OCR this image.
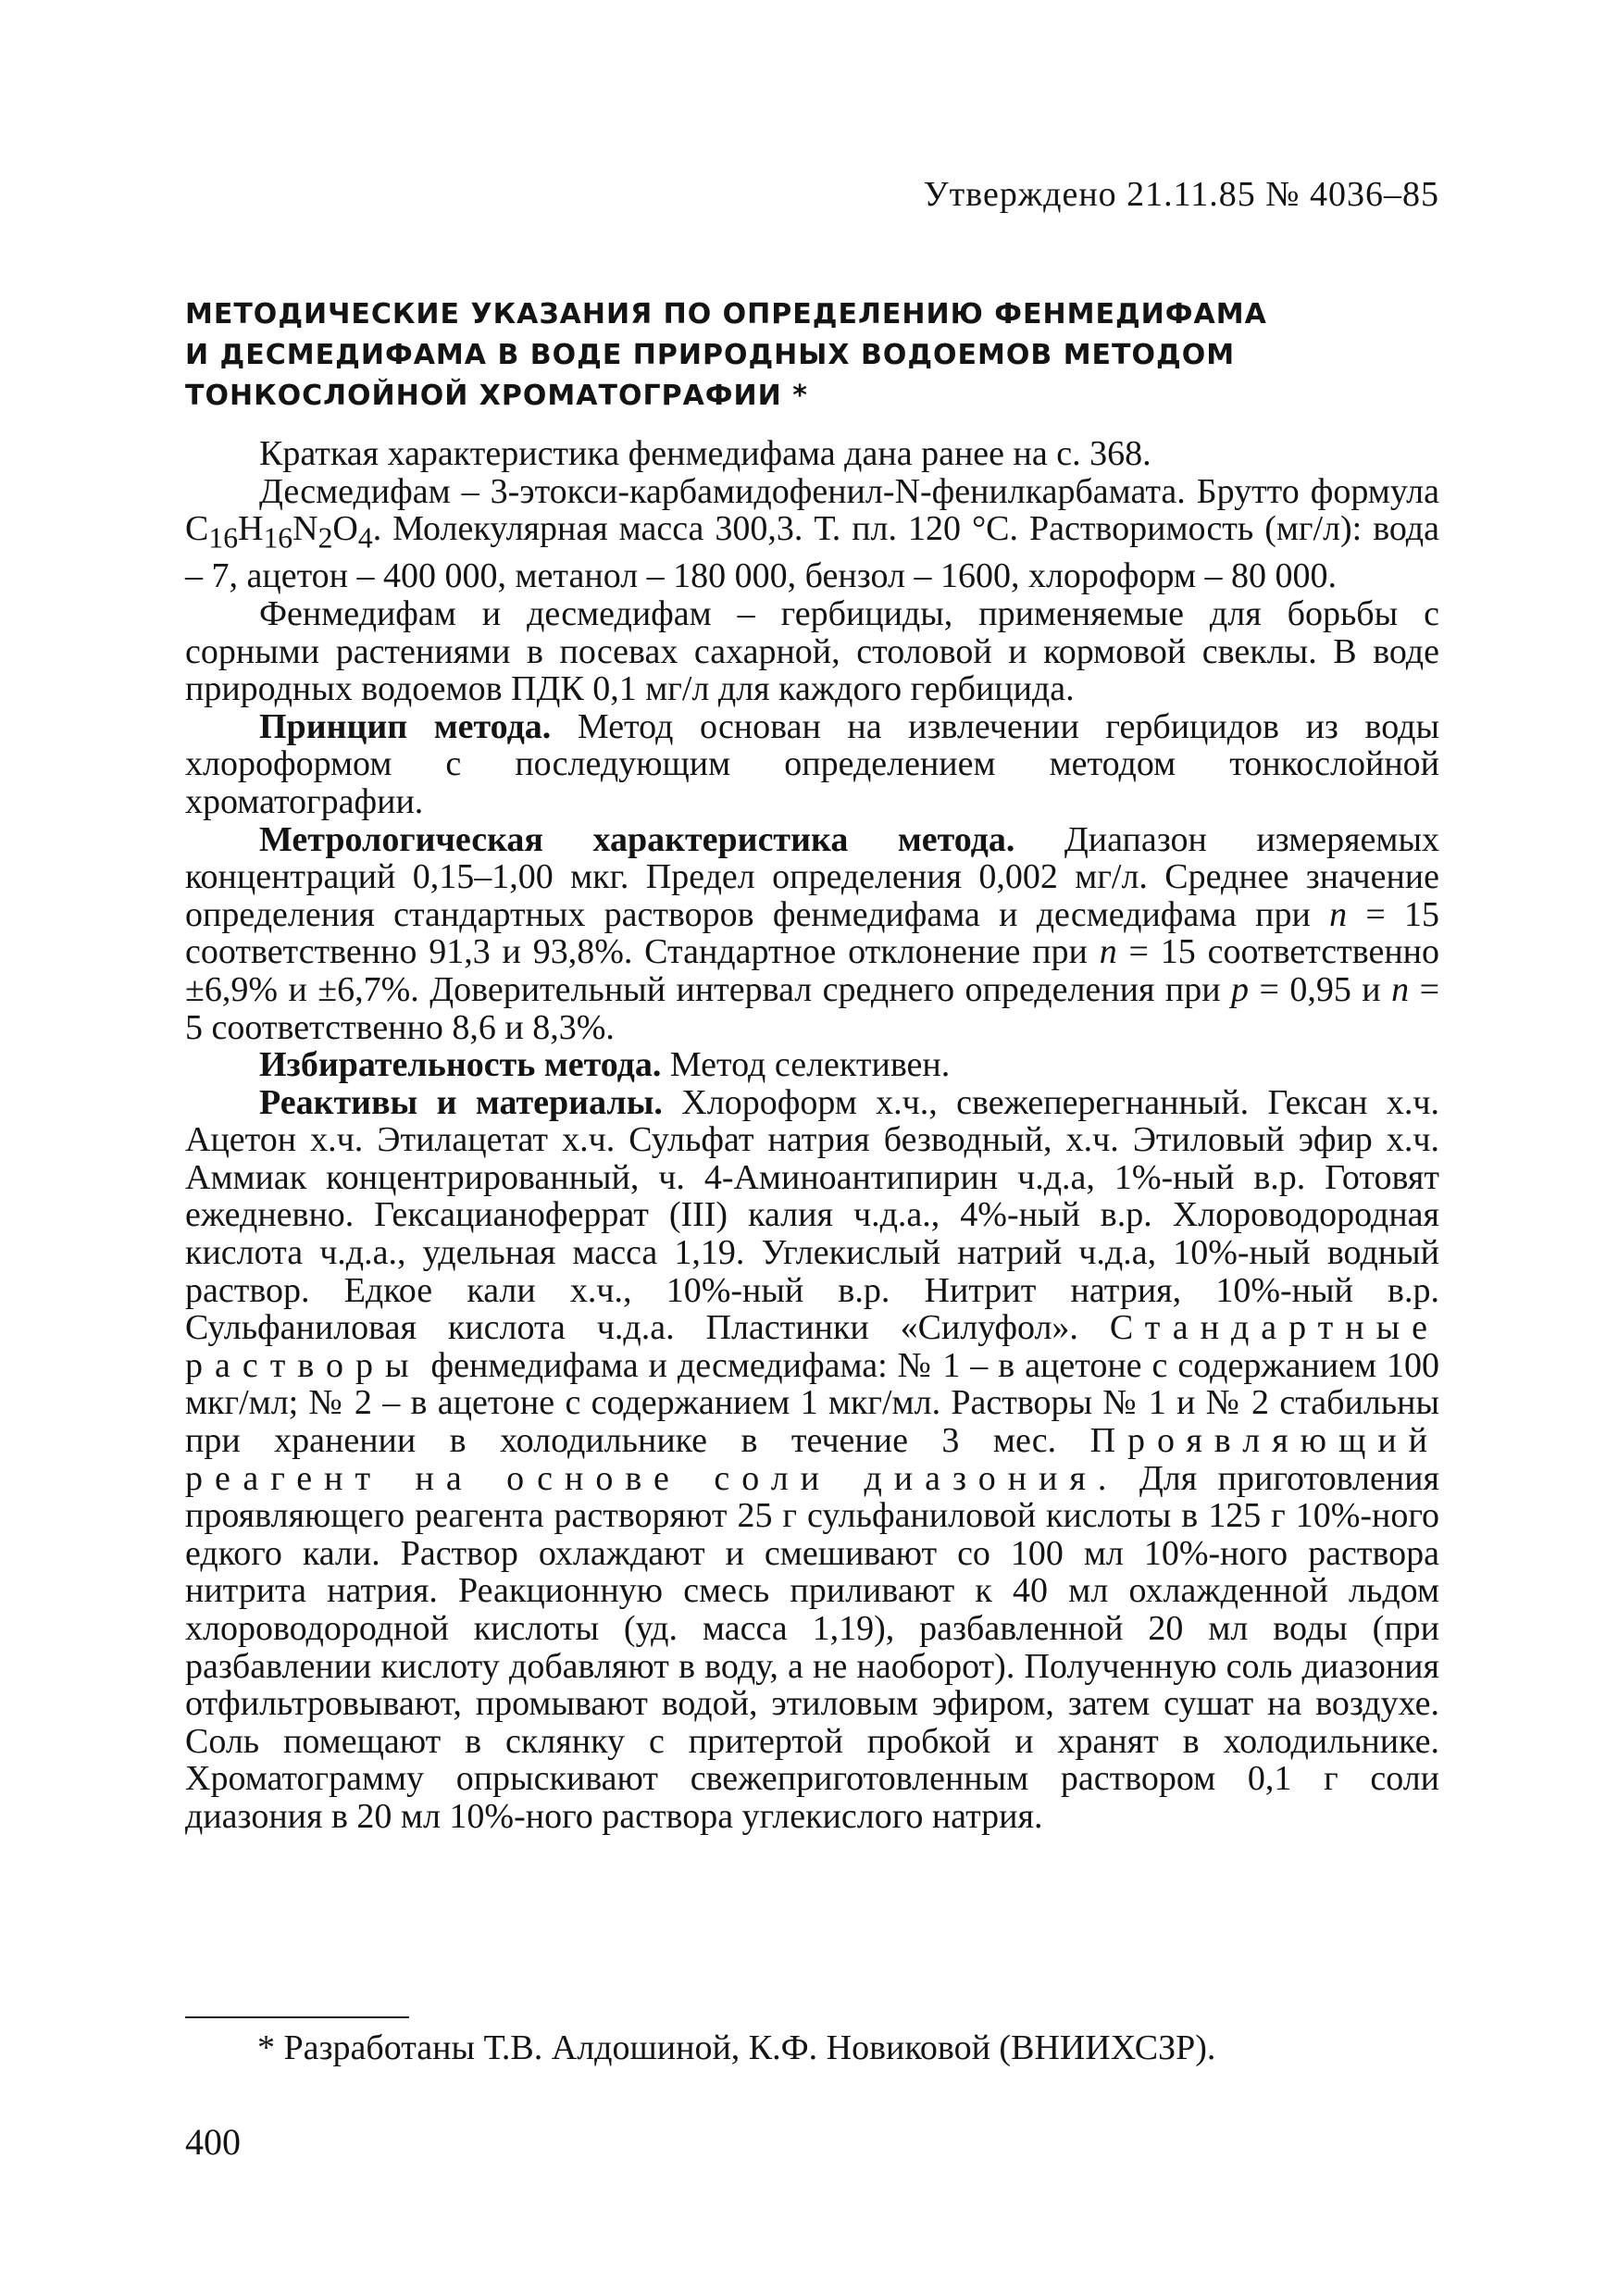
Утверждено 21.11.85 № 4036–85
МЕТОДИЧЕСКИЕ УКАЗАНИЯ ПО ОПРЕДЕЛЕНИЮ ФЕНМЕДИФАМА
И ДЕСМЕДИФАМА В ВОДЕ ПРИРОДНЫХ ВОДОЕМОВ МЕТОДОМ
ТОНКОСЛОЙНОЙ ХРОМАТОГРАФИИ *

Краткая характеристика фенмедифама дана ранее на с. 368.

Десмедифам – 3-этокси-карбамидофенил-N-фенилкарбамата. Брутто формула $C_{16}H_{16}N_2O_4$. Молекулярная масса 300,3. Т. пл. 120 °С. Растворимость (мг/л): вода – 7, ацетон – 400 000, метанол – 180 000, бензол – 1600, хлороформ – 80 000.

Фенмедифам и десмедифам – гербициды, применяемые для борьбы с сорными растениями в посевах сахарной, столовой и кормовой свеклы. В воде природных водоемов ПДК 0,1 мг/л для каждого гербицида.

Принцип метода. Метод основан на извлечении гербицидов из воды хлороформом с последующим определением методом тонкослойной хроматографии.

Метрологическая характеристика метода. Диапазон измеряемых концентраций 0,15–1,00 мкг. Предел определения 0,002 мг/л. Среднее значение определения стандартных растворов фенмедифама и десмедифама при n = 15 соответственно 91,3 и 93,8%. Стандартное отклонение при n = 15 соответственно ±6,9% и ±6,7%. Доверительный интервал среднего определения при p = 0,95 и n = 5 соответственно 8,6 и 8,3%.

Избирательность метода. Метод селективен.

Реактивы и материалы. Хлороформ х.ч., свежеперегнанный. Гексан х.ч. Ацетон х.ч. Этилацетат х.ч. Сульфат натрия безводный, х.ч. Этиловый эфир х.ч. Аммиак концентрированный, ч. 4-Аминоантипирин ч.д.а, 1%-ный в.р. Готовят ежедневно. Гексацианоферрат (III) калия ч.д.а., 4%-ный в.р. Хлороводородная кислота ч.д.а., удельная масса 1,19. Углекислый натрий ч.д.а, 10%-ный водный раствор. Едкое кали х.ч., 10%-ный в.р. Нитрит натрия, 10%-ный в.р. Сульфаниловая кислота ч.д.а. Пластинки «Силуфол». Стандартные растворы фенмедифама и десмедифама: № 1 – в ацетоне с содержанием 100 мкг/мл; № 2 – в ацетоне с содержанием 1 мкг/мл. Растворы № 1 и № 2 стабильны при хранении в холодильнике в течение 3 мес. Проявляющий реагент на основе соли диазония. Для приготовления проявляющего реагента растворяют 25 г сульфаниловой кислоты в 125 г 10%-ного едкого кали. Раствор охлаждают и смешивают со 100 мл 10%-ного раствора нитрита натрия. Реакционную смесь приливают к 40 мл охлажденной льдом хлороводородной кислоты (уд. масса 1,19), разбавленной 20 мл воды (при разбавлении кислоту добавляют в воду, а не наоборот). Полученную соль диазония отфильтровывают, промывают водой, этиловым эфиром, затем сушат на воздухе. Соль помещают в склянку с притертой пробкой и хранят в холодильнике. Хроматограмму опрыскивают свежеприготовленным раствором 0,1 г соли диазония в 20 мл 10%-ного раствора углекислого натрия.

* Разработаны Т.В. Алдошиной, К.Ф. Новиковой (ВНИИХСЗР).
400
